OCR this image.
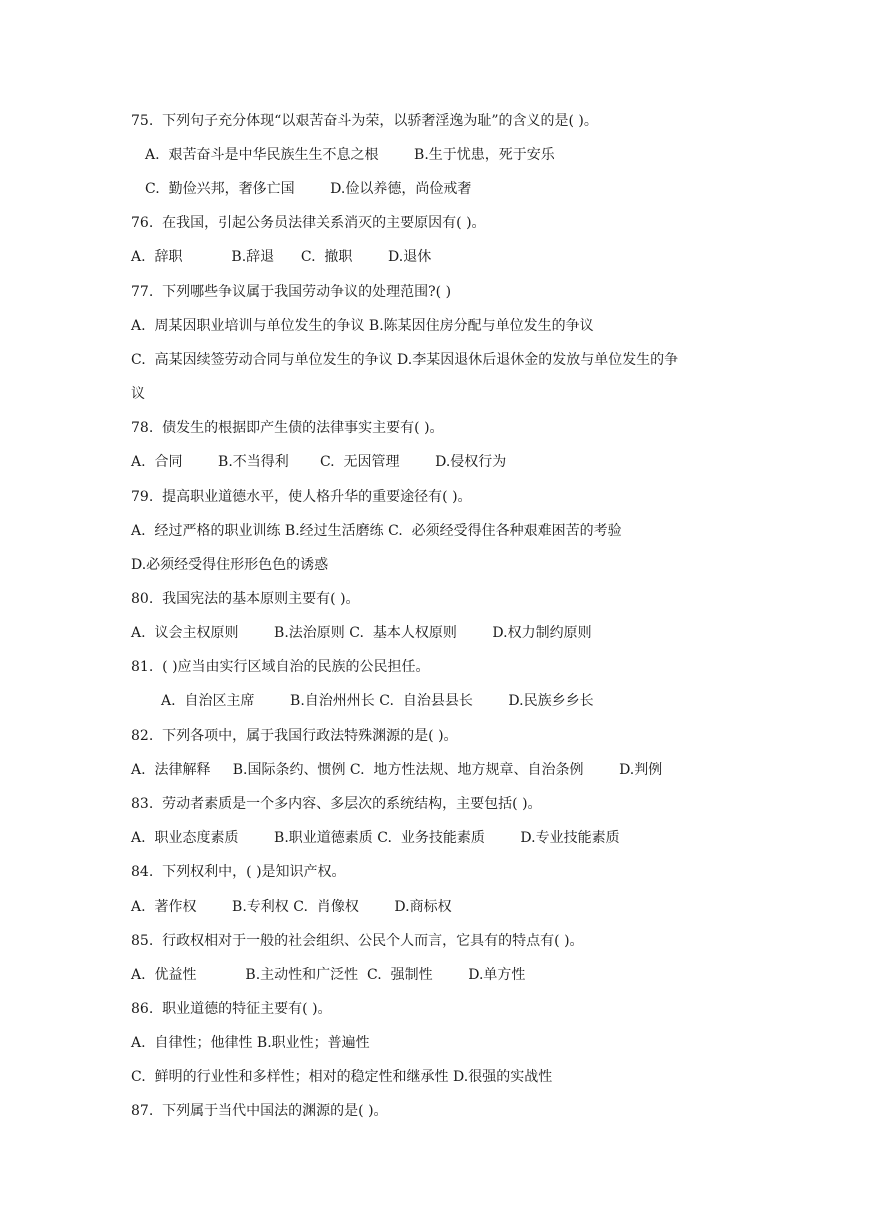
75.  下列句子充分体现“以艰苦奋斗为荣，以骄奢淫逸为耻”的含义的是( )。
A.  艰苦奋斗是中华民族生生不息之根        B.生于忧患，死于安乐
C.  勤俭兴邦，奢侈亡国        D.俭以养德，尚俭戒奢
76.  在我国，引起公务员法律关系消灭的主要原因有( )。
A.  辞职           B.辞退      C.  撤职        D.退休
77.  下列哪些争议属于我国劳动争议的处理范围?( )
A.  周某因职业培训与单位发生的争议 B.陈某因住房分配与单位发生的争议
C.  高某因续签劳动合同与单位发生的争议 D.李某因退休后退休金的发放与单位发生的争
议
78.  债发生的根据即产生债的法律事实主要有( )。
A.  合同        B.不当得利       C.  无因管理        D.侵权行为
79.  提高职业道德水平，使人格升华的重要途径有( )。
A.  经过严格的职业训练 B.经过生活磨练 C.  必须经受得住各种艰难困苦的考验
D.必须经受得住形形色色的诱惑
80.  我国宪法的基本原则主要有( )。
A.  议会主权原则        B.法治原则 C.  基本人权原则        D.权力制约原则
81.  ( )应当由实行区域自治的民族的公民担任。
A.  自治区主席        B.自治州州长 C.  自治县县长        D.民族乡乡长
82.  下列各项中，属于我国行政法特殊渊源的是( )。
A.  法律解释     B.国际条约、惯例 C.  地方性法规、地方规章、自治条例        D.判例
83.  劳动者素质是一个多内容、多层次的系统结构，主要包括( )。
A.  职业态度素质        B.职业道德素质 C.  业务技能素质        D.专业技能素质
84.  下列权利中，( )是知识产权。
A.  著作权        B.专利权 C.  肖像权        D.商标权
85.  行政权相对于一般的社会组织、公民个人而言，它具有的特点有( )。
A.  优益性           B.主动性和广泛性  C.  强制性        D.单方性
86.  职业道德的特征主要有( )。
A.  自律性；他律性 B.职业性；普遍性
C.  鲜明的行业性和多样性；相对的稳定性和继承性 D.很强的实战性
87.  下列属于当代中国法的渊源的是( )。
